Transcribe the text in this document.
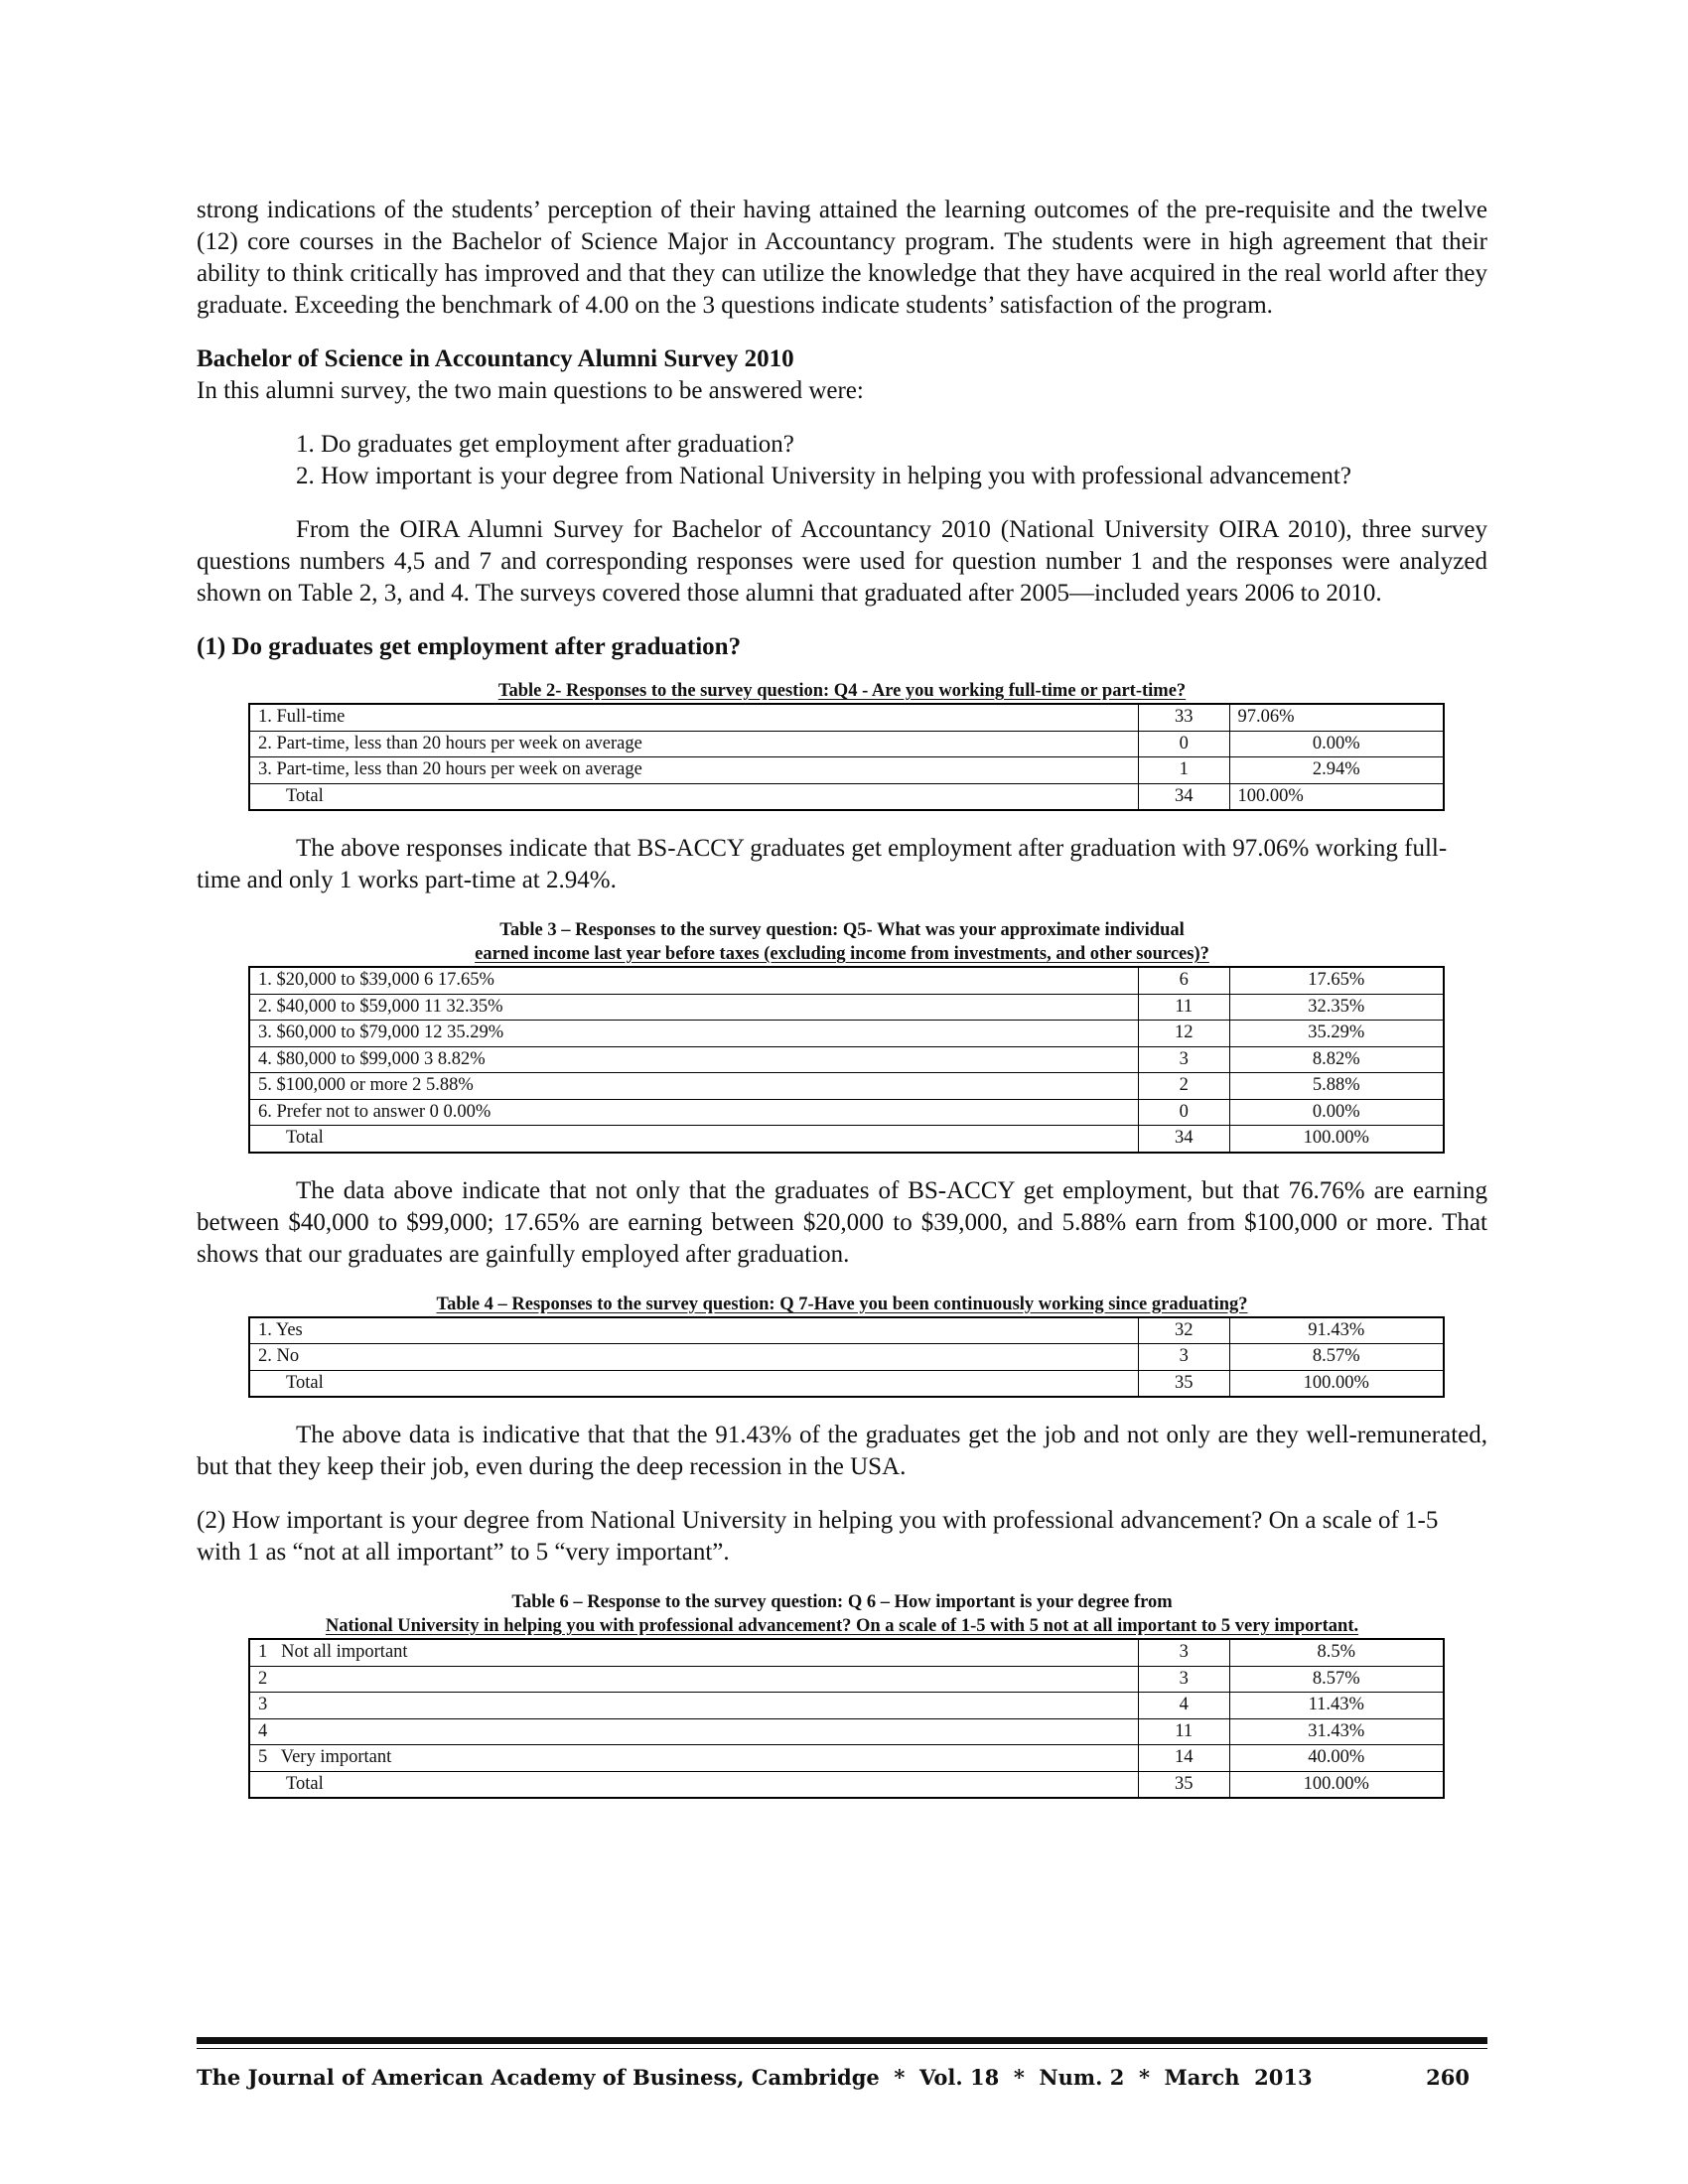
strong indications of the students’ perception of their having attained the learning outcomes of the pre-requisite and the twelve (12) core courses in the Bachelor of Science Major in Accountancy program. The students were in high agreement that their ability to think critically has improved and that they can utilize the knowledge that they have acquired in the real world after they graduate. Exceeding the benchmark of 4.00 on the 3 questions indicate students’ satisfaction of the program.

Bachelor of Science in Accountancy Alumni Survey 2010

In this alumni survey, the two main questions to be answered were:

1. Do graduates get employment after graduation?

2. How important is your degree from National University in helping you with professional advancement?

From the OIRA Alumni Survey for Bachelor of Accountancy 2010 (National University OIRA 2010), three survey questions numbers 4,5 and 7 and corresponding responses were used for question number 1 and the responses were analyzed shown on Table 2, 3, and 4. The surveys covered those alumni that graduated after 2005—included years 2006 to 2010.

(1) Do graduates get employment after graduation?
Table 2- Responses to the survey question: Q4 - Are you working full-time or part-time?
1. Full-time	33	97.06%
2. Part-time, less than 20 hours per week on average	0	0.00%
3. Part-time, less than 20 hours per week on average	1	2.94%
Total	34	100.00%

The above responses indicate that BS-ACCY graduates get employment after graduation with 97.06% working full-time and only 1 works part-time at 2.94%.

Table 3 – Responses to the survey question: Q5- What was your approximate individual
earned income last year before taxes (excluding income from investments, and other sources)?
1. $20,000 to $39,000 6 17.65%	6	17.65%
2. $40,000 to $59,000 11 32.35%	11	32.35%
3. $60,000 to $79,000 12 35.29%	12	35.29%
4. $80,000 to $99,000 3 8.82%	3	8.82%
5. $100,000 or more 2 5.88%	2	5.88%
6. Prefer not to answer 0 0.00%	0	0.00%
Total	34	100.00%

The data above indicate that not only that the graduates of BS-ACCY get employment, but that 76.76% are earning between $40,000 to $99,000; 17.65% are earning between $20,000 to $39,000, and 5.88% earn from $100,000 or more. That shows that our graduates are gainfully employed after graduation.

Table 4 – Responses to the survey question: Q 7-Have you been continuously working since graduating?
1. Yes	32	91.43%
2. No	3	8.57%
Total	35	100.00%

The above data is indicative that that the 91.43% of the graduates get the job and not only are they well-remunerated, but that they keep their job, even during the deep recession in the USA.

(2) How important is your degree from National University in helping you with professional advancement? On a scale of 1-5 with 1 as “not at all important” to 5 “very important”.

Table 6 – Response to the survey question: Q 6 – How important is your degree from
National University in helping you with professional advancement? On a scale of 1-5 with 5 not at all important to 5 very important.
1   Not all important	3	8.5%
2	3	8.57%
3	4	11.43%
4	11	31.43%
5   Very important	14	40.00%
Total	35	100.00%
The Journal of American Academy of Business, Cambridge  *  Vol. 18  *  Num. 2  *  March  2013	260
